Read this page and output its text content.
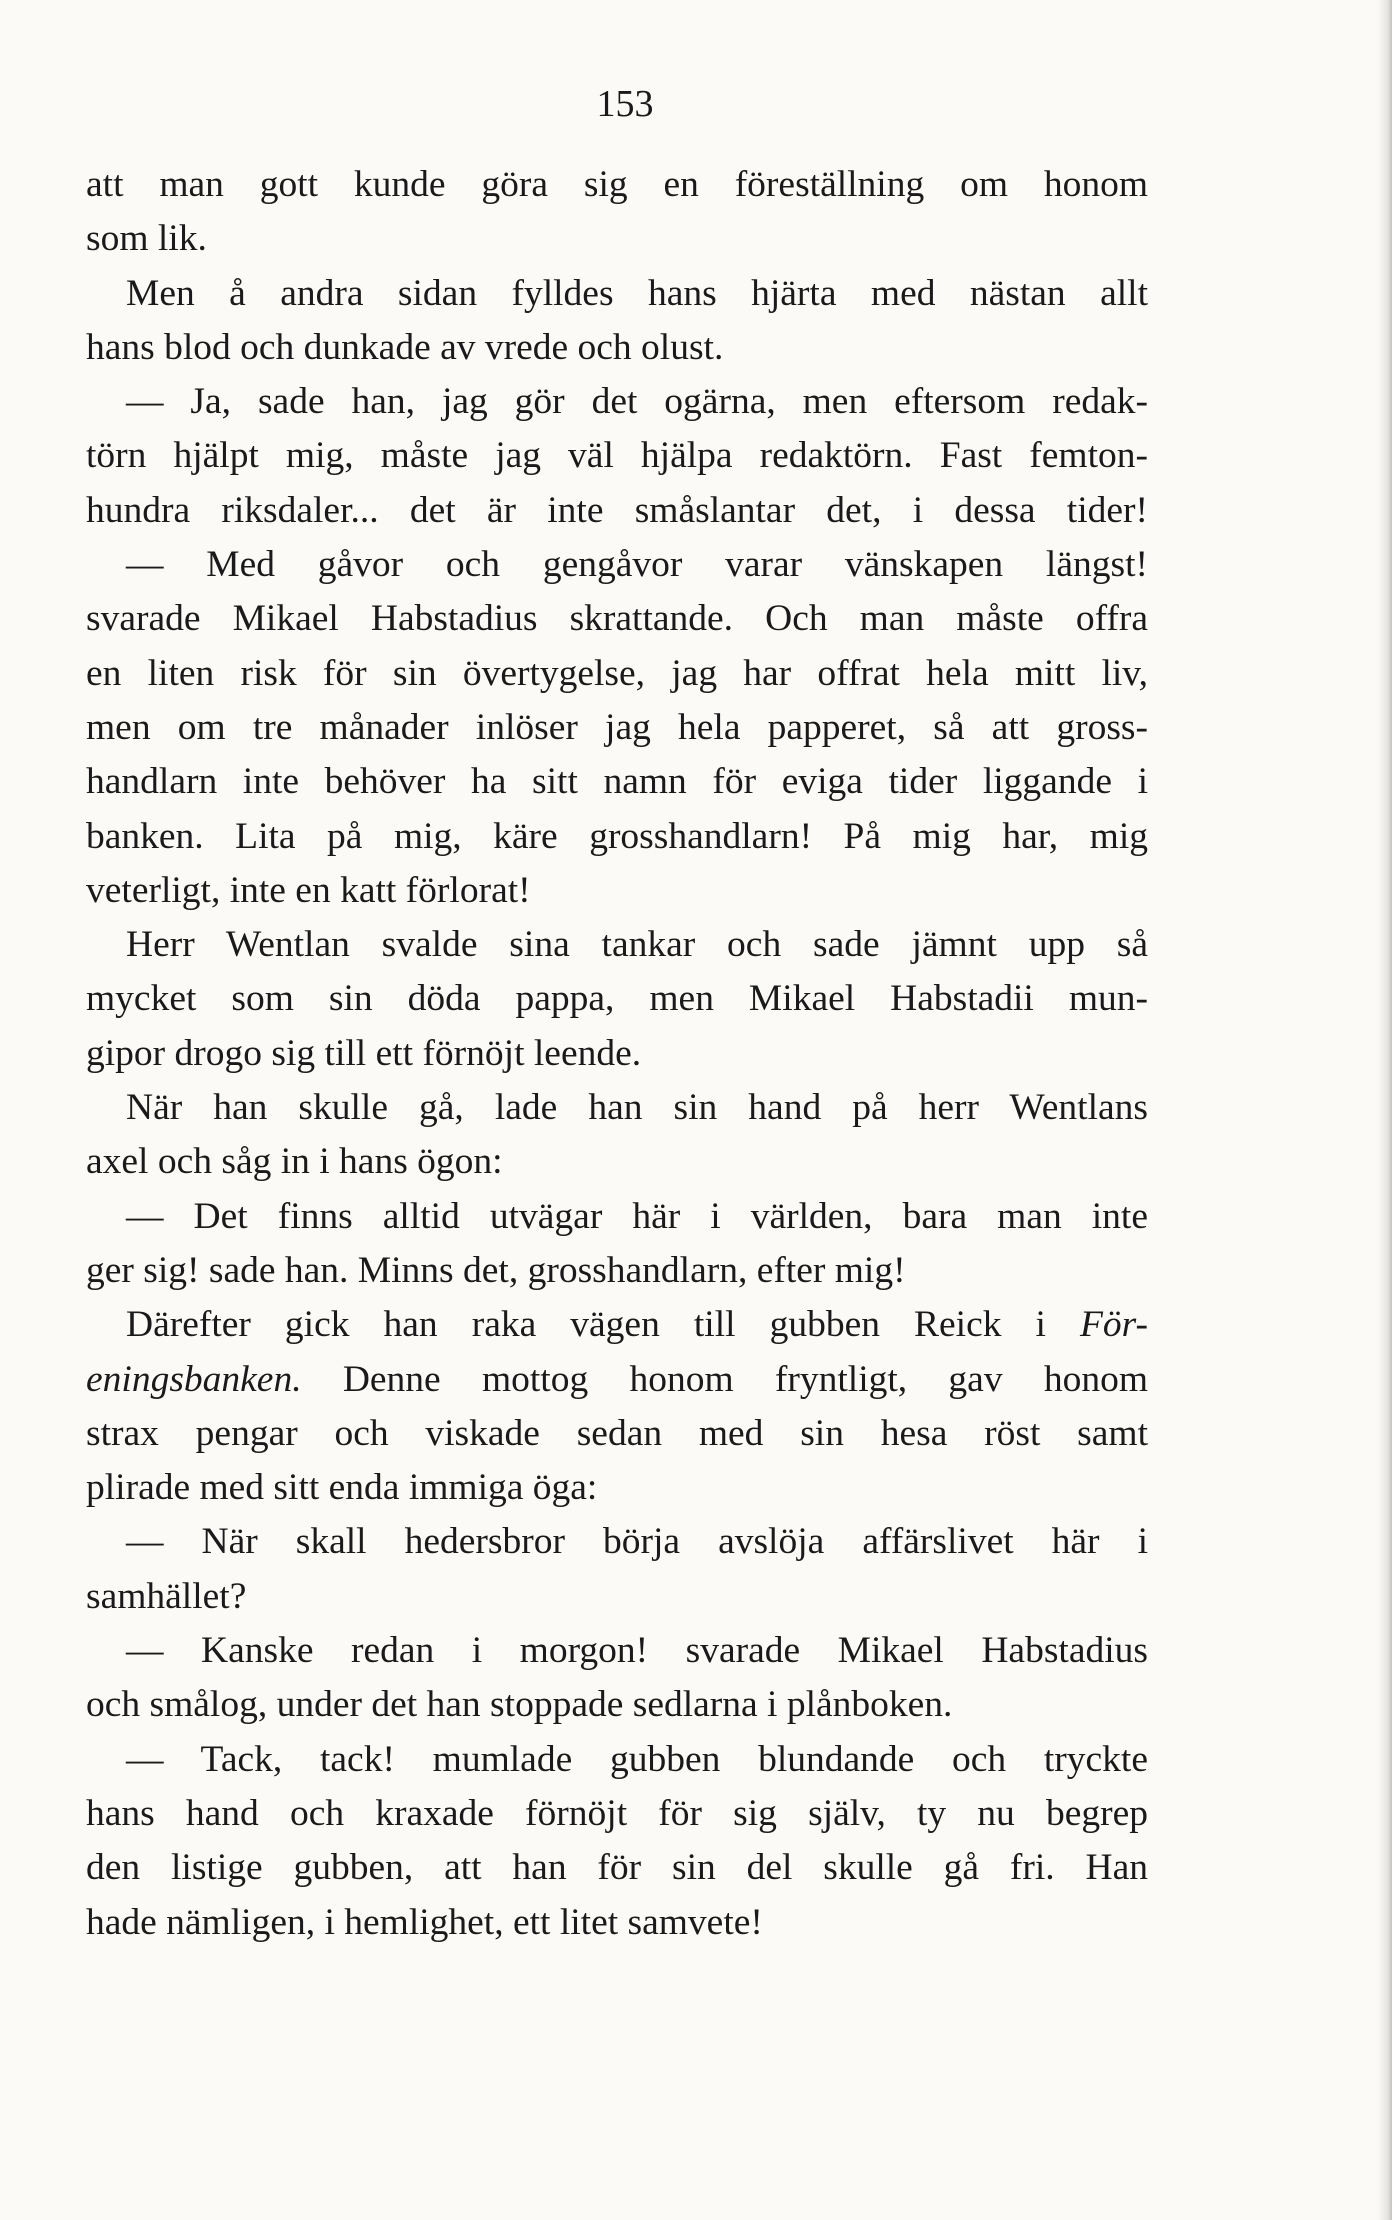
153
att man gott kunde göra sig en föreställning om honom
som lik.
Men å andra sidan fylldes hans hjärta med nästan allt
hans blod och dunkade av vrede och olust.
— Ja, sade han, jag gör det ogärna, men eftersom redak-
törn hjälpt mig, måste jag väl hjälpa redaktörn. Fast femton-
hundra riksdaler... det är inte småslantar det, i dessa tider!
— Med gåvor och gengåvor varar vänskapen längst!
svarade Mikael Habstadius skrattande. Och man måste offra
en liten risk för sin övertygelse, jag har offrat hela mitt liv,
men om tre månader inlöser jag hela papperet, så att gross-
handlarn inte behöver ha sitt namn för eviga tider liggande i
banken. Lita på mig, käre grosshandlarn! På mig har, mig
veterligt, inte en katt förlorat!
Herr Wentlan svalde sina tankar och sade jämnt upp så
mycket som sin döda pappa, men Mikael Habstadii mun-
gipor drogo sig till ett förnöjt leende.
När han skulle gå, lade han sin hand på herr Wentlans
axel och såg in i hans ögon:
— Det finns alltid utvägar här i världen, bara man inte
ger sig! sade han. Minns det, grosshandlarn, efter mig!
Därefter gick han raka vägen till gubben Reick i För-
eningsbanken. Denne mottog honom fryntligt, gav honom
strax pengar och viskade sedan med sin hesa röst samt
plirade med sitt enda immiga öga:
— När skall hedersbror börja avslöja affärslivet här i
samhället?
— Kanske redan i morgon! svarade Mikael Habstadius
och smålog, under det han stoppade sedlarna i plånboken.
— Tack, tack! mumlade gubben blundande och tryckte
hans hand och kraxade förnöjt för sig själv, ty nu begrep
den listige gubben, att han för sin del skulle gå fri. Han
hade nämligen, i hemlighet, ett litet samvete!
